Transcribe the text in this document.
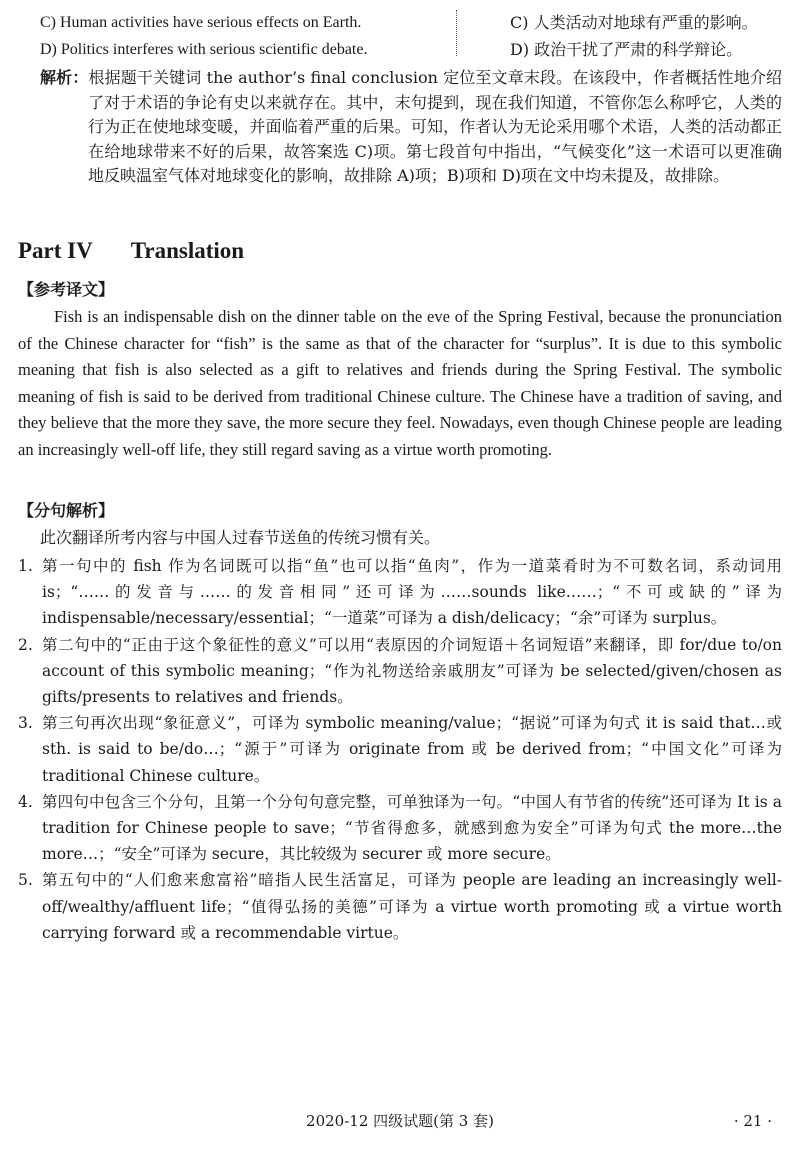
C) Human activities have serious effects on Earth.	C) 人类活动对地球有严重的影响。
D) Politics interferes with serious scientific debate.	D) 政治干扰了严肃的科学辩论。
解析：根据题干关键词 the author’s final conclusion 定位至文章末段。在该段中，作者概括性地介绍了对于术语的争论有史以来就存在。其中，末句提到，现在我们知道，不管你怎么称呼它，人类的行为正在使地球变暖，并面临着严重的后果。可知，作者认为无论采用哪个术语，人类的活动都正在给地球带来不好的后果，故答案选 C)项。第七段首句中指出，“气候变化”这一术语可以更准确地反映温室气体对地球变化的影响，故排除 A)项；B)项和 D)项在文中均未提及，故排除。
Part IV Translation
【参考译文】
Fish is an indispensable dish on the dinner table on the eve of the Spring Festival, because the pronunciation of the Chinese character for “fish” is the same as that of the character for “surplus”. It is due to this symbolic meaning that fish is also selected as a gift to relatives and friends during the Spring Festival. The symbolic meaning of fish is said to be derived from traditional Chinese culture. The Chinese have a tradition of saving, and they believe that the more they save, the more secure they feel. Nowadays, even though Chinese people are leading an increasingly well-off life, they still regard saving as a virtue worth promoting.
【分句解析】
此次翻译所考内容与中国人过春节送鱼的传统习惯有关。
1. 第一句中的 fish 作为名词既可以指“鱼”也可以指“鱼肉”，作为一道菜肴时为不可数名词，系动词用 is；“……的发音与……的发音相同”还可译为……sounds like……；“不可或缺的”译为 indispensable/necessary/essential；“一道菜”可译为 a dish/delicacy；“余”可译为 surplus。
2. 第二句中的“正由于这个象征性的意义”可以用“表原因的介词短语＋名词短语”来翻译，即 for/due to/on account of this symbolic meaning；“作为礼物送给亲戚朋友”可译为 be selected/given/chosen as gifts/presents to relatives and friends。
3. 第三句再次出现“象征意义”，可译为 symbolic meaning/value；“据说”可译为句式 it is said that…或 sth. is said to be/do…；“源于”可译为 originate from 或 be derived from；“中国文化”可译为 traditional Chinese culture。
4. 第四句中包含三个分句，且第一个分句句意完整，可单独译为一句。“中国人有节省的传统”还可译为 It is a tradition for Chinese people to save；“节省得愈多，就感到愈为安全”可译为句式 the more…the more…；“安全”可译为 secure，其比较级为 securer 或 more secure。
5. 第五句中的“人们愈来愈富裕”暗指人民生活富足，可译为 people are leading an increasingly well-off/wealthy/affluent life；“值得弘扬的美德”可译为 a virtue worth promoting 或 a virtue worth carrying forward 或 a recommendable virtue。
2020-12 四级试题(第 3 套)	· 21 ·
